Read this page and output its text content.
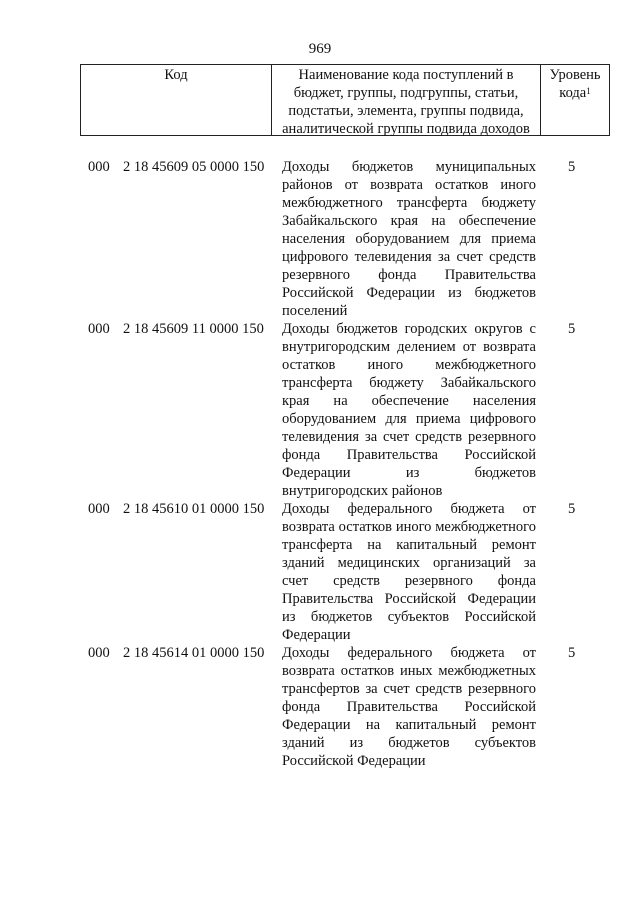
969
Код	Наименование кода поступлений в бюджет, группы, подгруппы, статьи, подстатьи, элемента, группы подвида, аналитической группы подвида доходов
Уровень кода$^1$
000 2 18 45609 05 0000 150 Доходы бюджетов муниципальных районов от возврата остатков иного межбюджетного трансферта бюджету Забайкальского края на обеспечение населения оборудованием для приема цифрового телевидения за счет средств резервного фонда Правительства Российской Федерации из бюджетов поселений
5
000 2 18 45609 11 0000 150 Доходы бюджетов городских округов с внутригородским делением от возврата остатков иного межбюджетного трансферта бюджету Забайкальского края на обеспечение населения оборудованием для приема цифрового телевидения за счет средств резервного фонда Правительства Российской Федерации из бюджетов внутригородских районов
5
000 2 18 45610 01 0000 150 Доходы федерального бюджета от возврата остатков иного межбюджетного трансферта на капитальный ремонт зданий медицинских организаций за счет средств резервного фонда Правительства Российской Федерации из бюджетов субъектов Российской Федерации
5
000 2 18 45614 01 0000 150 Доходы федерального бюджета от возврата остатков иных межбюджетных трансфертов за счет средств резервного фонда Правительства Российской Федерации на капитальный ремонт зданий из бюджетов субъектов Российской Федерации
5
